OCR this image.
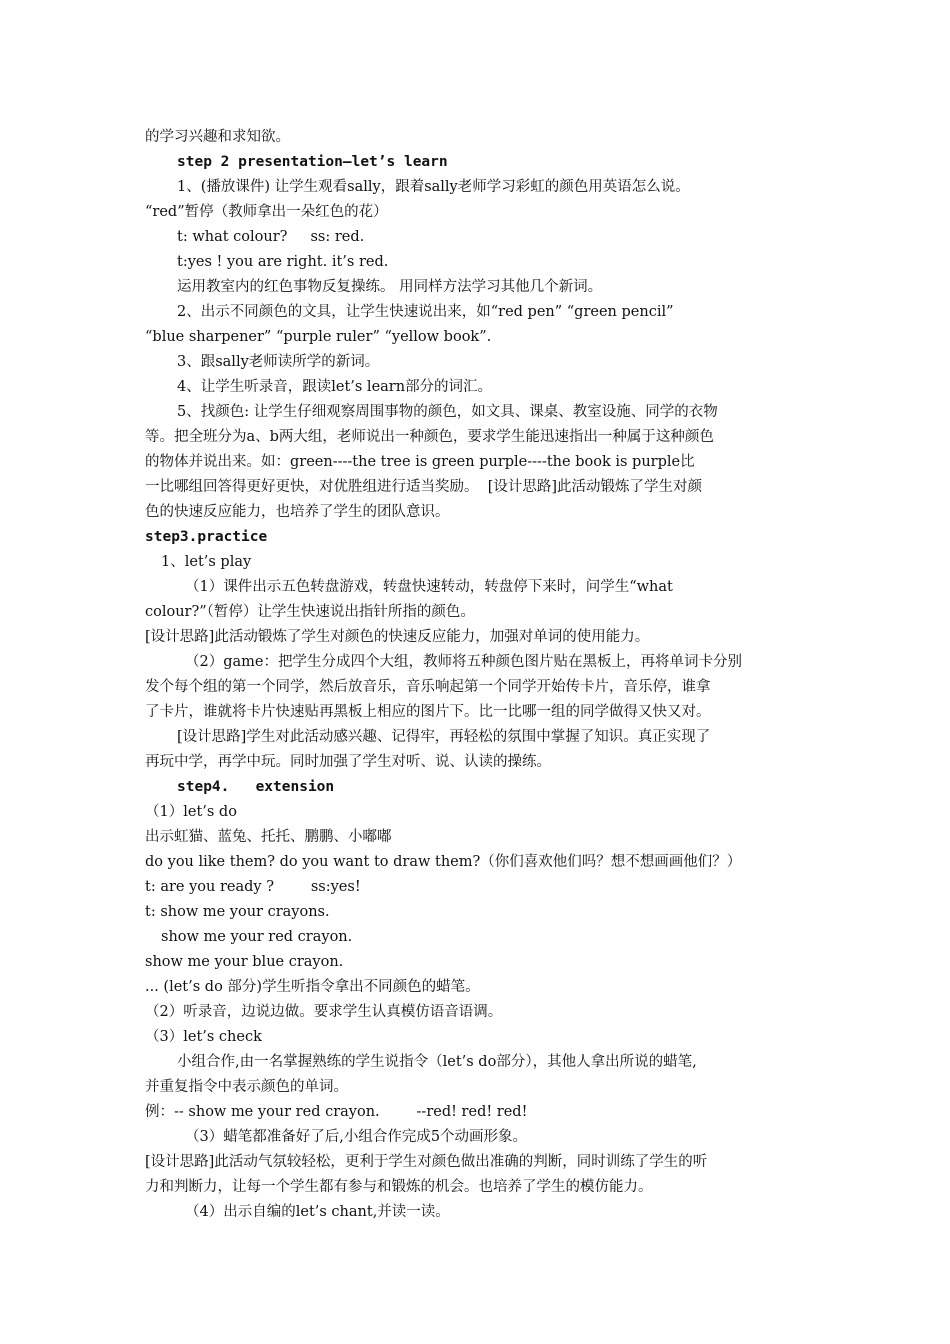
的学习兴趣和求知欲。
step 2 presentation—let’s learn
1、(播放课件) 让学生观看sally，跟着sally老师学习彩虹的颜色用英语怎么说。
“red”暂停（教师拿出一朵红色的花）
t: what colour?     ss: red.
t:yes ! you are right. it’s red.
运用教室内的红色事物反复操练。 用同样方法学习其他几个新词。
2、出示不同颜色的文具，让学生快速说出来，如“red pen” “green pencil”
“blue sharpener” “purple ruler” “yellow book”.
3、跟sally老师读所学的新词。
4、让学生听录音，跟读let’s learn部分的词汇。
5、找颜色: 让学生仔细观察周围事物的颜色，如文具、课桌、教室设施、同学的衣物
等。把全班分为a、b两大组，老师说出一种颜色，要求学生能迅速指出一种属于这种颜色
的物体并说出来。如：green----the tree is green purple----the book is purple比
一比哪组回答得更好更快，对优胜组进行适当奖励。  [设计思路]此活动锻炼了学生对颜
色的快速反应能力，也培养了学生的团队意识。
step3.practice
1、let’s play
（1）课件出示五色转盘游戏，转盘快速转动，转盘停下来时，问学生“what
colour?”（暂停）让学生快速说出指针所指的颜色。
[设计思路]此活动锻炼了学生对颜色的快速反应能力，加强对单词的使用能力。
（2）game：把学生分成四个大组，教师将五种颜色图片贴在黑板上，再将单词卡分别
发个每个组的第一个同学，然后放音乐，音乐响起第一个同学开始传卡片，音乐停，谁拿
了卡片，谁就将卡片快速贴再黑板上相应的图片下。比一比哪一组的同学做得又快又对。
[设计思路]学生对此活动感兴趣、记得牢，再轻松的氛围中掌握了知识。真正实现了
再玩中学，再学中玩。同时加强了学生对听、说、认读的操练。
step4.   extension
（1）let’s do
出示虹猫、蓝兔、托托、鹏鹏、小嘟嘟
do you like them? do you want to draw them?（你们喜欢他们吗？想不想画画他们？）
t: are you ready ?        ss:yes!
t: show me your crayons.
show me your red crayon.
show me your blue crayon.
... (let’s do 部分)学生听指令拿出不同颜色的蜡笔。
（2）听录音，边说边做。要求学生认真模仿语音语调。
（3）let’s check
小组合作,由一名掌握熟练的学生说指令（let’s do部分），其他人拿出所说的蜡笔,
并重复指令中表示颜色的单词。
例：-- show me your red crayon.        --red! red! red!
（3）蜡笔都准备好了后,小组合作完成5个动画形象。
[设计思路]此活动气氛较轻松，更利于学生对颜色做出准确的判断，同时训练了学生的听
力和判断力，让每一个学生都有参与和锻炼的机会。也培养了学生的模仿能力。
（4）出示自编的let’s chant,并读一读。
